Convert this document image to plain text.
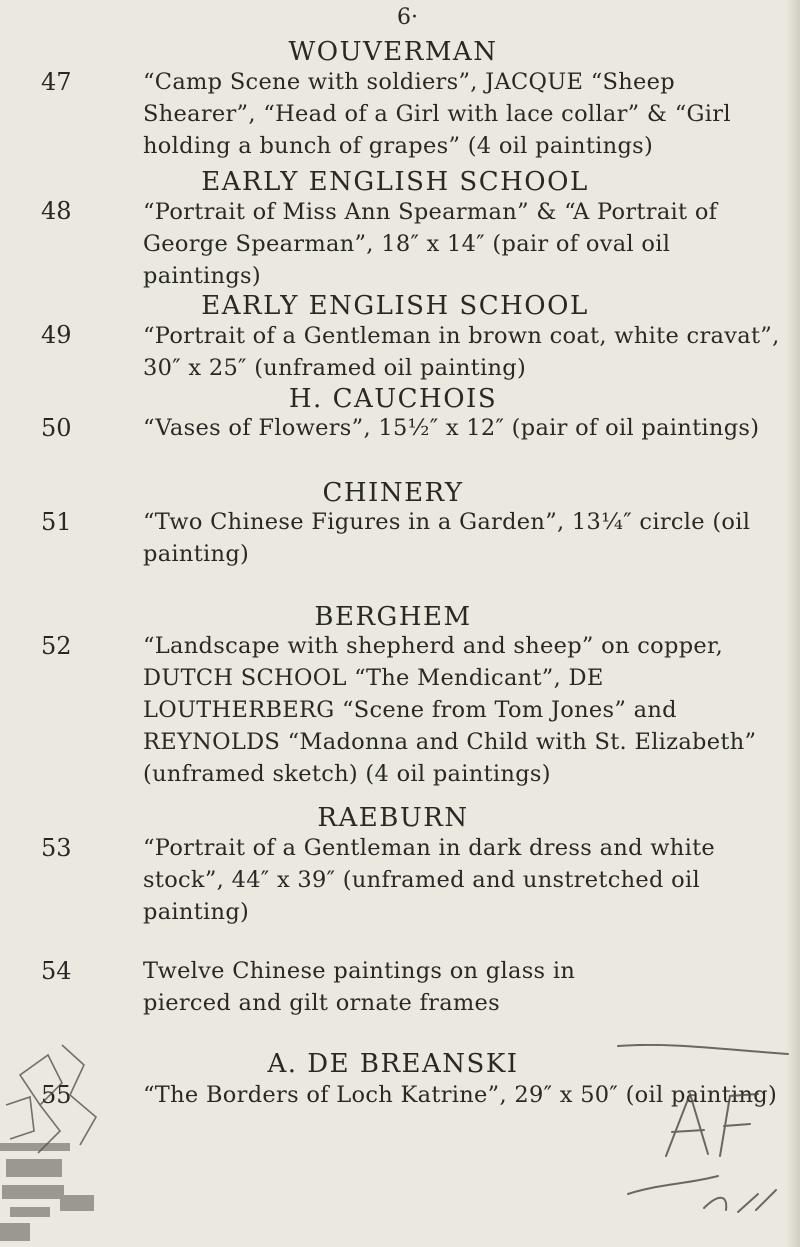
6·
WOUVERMAN
47	“Camp Scene with soldiers”, JACQUE “Sheep Shearer”, “Head of a Girl with lace collar” & “Girl holding a bunch of grapes” (4 oil paintings)
EARLY ENGLISH SCHOOL
48	“Portrait of Miss Ann Spearman” & “A Portrait of George Spearman”, 18″ x 14″ (pair of oval oil paintings)
EARLY ENGLISH SCHOOL
49	“Portrait of a Gentleman in brown coat, white cravat”, 30″ x 25″ (unframed oil painting)
H. CAUCHOIS
50	“Vases of Flowers”, 15½″ x 12″ (pair of oil paintings)
CHINERY
51	“Two Chinese Figures in a Garden”, 13¼″ circle (oil painting)
BERGHEM
52	“Landscape with shepherd and sheep” on copper, DUTCH SCHOOL “The Mendicant”, DE LOUTHERBERG “Scene from Tom Jones” and REYNOLDS “Madonna and Child with St. Elizabeth” (unframed sketch) (4 oil paintings)
RAEBURN
53	“Portrait of a Gentleman in dark dress and white stock”, 44″ x 39″ (unframed and unstretched oil painting)
54	Twelve Chinese paintings on glass in pierced and gilt ornate frames
A. DE BREANSKI
55	“The Borders of Loch Katrine”, 29″ x 50″ (oil painting)
